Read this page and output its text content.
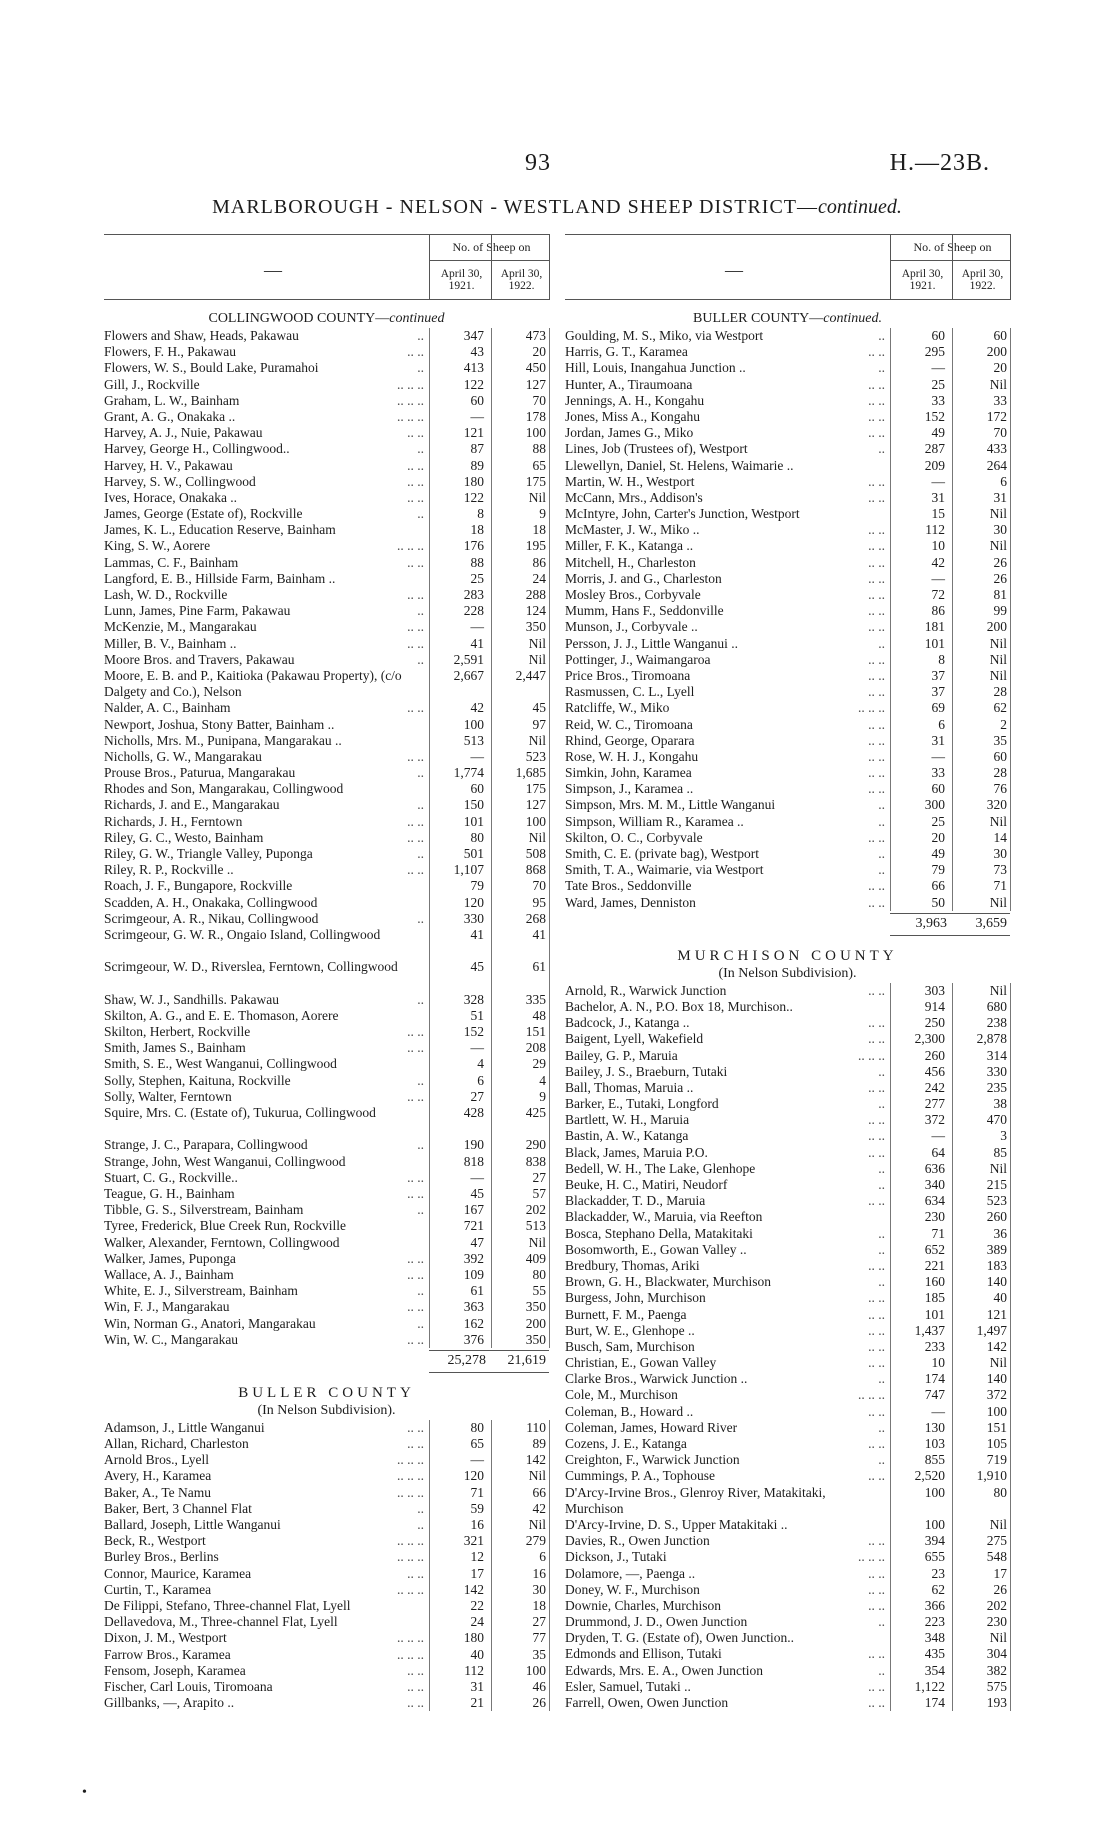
93	H.—23B.
MARLBOROUGH - NELSON - WESTLAND SHEEP DISTRICT—continued.
—
No. of Sheep on
April 30,
1921.
April 30,
1922.
COLLINGWOOD COUNTY—continued
Flowers and Shaw, Heads, Pakawau	..	347	473
Flowers, F. H., Pakawau	.. ..	43	20
Flowers, W. S., Bould Lake, Puramahoi	..	413	450
Gill, J., Rockville	.. .. ..	122	127
Graham, L. W., Bainham	.. .. ..	60	70
Grant, A. G., Onakaka ..	.. .. ..	—	178
Harvey, A. J., Nuie, Pakawau	.. ..	121	100
Harvey, George H., Collingwood..	..	87	88
Harvey, H. V., Pakawau	.. ..	89	65
Harvey, S. W., Collingwood	.. ..	180	175
Ives, Horace, Onakaka ..	.. ..	122	Nil
James, George (Estate of), Rockville	..	8	9
James, K. L., Education Reserve, Bainham	18	18
King, S. W., Aorere	.. .. ..	176	195
Lammas, C. F., Bainham	.. ..	88	86
Langford, E. B., Hillside Farm, Bainham ..	25	24
Lash, W. D., Rockville	.. ..	283	288
Lunn, James, Pine Farm, Pakawau	..	228	124
McKenzie, M., Mangarakau	.. ..	—	350
Miller, B. V., Bainham ..	.. ..	41	Nil
Moore Bros. and Travers, Pakawau	..	2,591	Nil
Moore, E. B. and P., Kaitioka (Pakawau Property), (c/o Dalgety and Co.), Nelson
2,667	2,447
Nalder, A. C., Bainham	.. ..	42	45
Newport, Joshua, Stony Batter, Bainham ..	100	97
Nicholls, Mrs. M., Punipana, Mangarakau ..	513	Nil
Nicholls, G. W., Mangarakau	.. ..	—	523
Prouse Bros., Paturua, Mangarakau	..	1,774	1,685
Rhodes and Son, Mangarakau, Collingwood	60	175
Richards, J. and E., Mangarakau	..	150	127
Richards, J. H., Ferntown	.. ..	101	100
Riley, G. C., Westo, Bainham	.. ..	80	Nil
Riley, G. W., Triangle Valley, Puponga	..	501	508
Riley, R. P., Rockville ..	.. ..	1,107	868
Roach, J. F., Bungapore, Rockville	79	70
Scadden, A. H., Onakaka, Collingwood	120	95
Scrimgeour, A. R., Nikau, Collingwood	..	330	268
Scrimgeour, G. W. R., Ongaio Island, Collingwood	41	41
Scrimgeour, W. D., Riverslea, Ferntown, Collingwood	45	61
Shaw, W. J., Sandhills. Pakawau	..	328	335
Skilton, A. G., and E. E. Thomason, Aorere	51	48
Skilton, Herbert, Rockville	.. ..	152	151
Smith, James S., Bainham	.. ..	—	208
Smith, S. E., West Wanganui, Collingwood	4	29
Solly, Stephen, Kaituna, Rockville	..	6	4
Solly, Walter, Ferntown	.. ..	27	9
Squire, Mrs. C. (Estate of), Tukurua, Collingwood	428	425
Strange, J. C., Parapara, Collingwood	..	190	290
Strange, John, West Wanganui, Collingwood	818	838
Stuart, C. G., Rockville..	.. ..	—	27
Teague, G. H., Bainham	.. ..	45	57
Tibble, G. S., Silverstream, Bainham	..	167	202
Tyree, Frederick, Blue Creek Run, Rockville	721	513
Walker, Alexander, Ferntown, Collingwood	47	Nil
Walker, James, Puponga	.. ..	392	409
Wallace, A. J., Bainham	.. ..	109	80
White, E. J., Silverstream, Bainham	..	61	55
Win, F. J., Mangarakau	.. ..	363	350
Win, Norman G., Anatori, Mangarakau	..	162	200
Win, W. C., Mangarakau	.. ..	376	350
25,278	21,619
BULLER COUNTY
(In Nelson Subdivision).
Adamson, J., Little Wanganui	.. ..	80	110
Allan, Richard, Charleston	.. ..	65	89
Arnold Bros., Lyell	.. .. ..	—	142
Avery, H., Karamea	.. .. ..	120	Nil
Baker, A., Te Namu	.. .. ..	71	66
Baker, Bert, 3 Channel Flat	..	59	42
Ballard, Joseph, Little Wanganui	..	16	Nil
Beck, R., Westport	.. .. ..	321	279
Burley Bros., Berlins	.. .. ..	12	6
Connor, Maurice, Karamea	.. ..	17	16
Curtin, T., Karamea	.. .. ..	142	30
De Filippi, Stefano, Three-channel Flat, Lyell	22	18
Dellavedova, M., Three-channel Flat, Lyell	24	27
Dixon, J. M., Westport	.. .. ..	180	77
Farrow Bros., Karamea	.. .. ..	40	35
Fensom, Joseph, Karamea	.. ..	112	100
Fischer, Carl Louis, Tiromoana	.. ..	31	46
Gillbanks, —, Arapito ..	.. ..	21	26
—
No. of Sheep on
April 30,
1921.
April 30,
1922.
BULLER COUNTY—continued.
Goulding, M. S., Miko, via Westport	..	60	60
Harris, G. T., Karamea	.. ..	295	200
Hill, Louis, Inangahua Junction ..	..	—	20
Hunter, A., Tiraumoana	.. ..	25	Nil
Jennings, A. H., Kongahu	.. ..	33	33
Jones, Miss A., Kongahu	.. ..	152	172
Jordan, James G., Miko	.. ..	49	70
Lines, Job (Trustees of), Westport	..	287	433
Llewellyn, Daniel, St. Helens, Waimarie ..	209	264
Martin, W. H., Westport	.. ..	—	6
McCann, Mrs., Addison's	.. ..	31	31
McIntyre, John, Carter's Junction, Westport	15	Nil
McMaster, J. W., Miko ..	.. ..	112	30
Miller, F. K., Katanga ..	.. ..	10	Nil
Mitchell, H., Charleston	.. ..	42	26
Morris, J. and G., Charleston	.. ..	—	26
Mosley Bros., Corbyvale	.. ..	72	81
Mumm, Hans F., Seddonville	.. ..	86	99
Munson, J., Corbyvale ..	.. ..	181	200
Persson, J. J., Little Wanganui ..	..	101	Nil
Pottinger, J., Waimangaroa	.. ..	8	Nil
Price Bros., Tiromoana	.. ..	37	Nil
Rasmussen, C. L., Lyell	.. ..	37	28
Ratcliffe, W., Miko	.. .. ..	69	62
Reid, W. C., Tiromoana	.. ..	6	2
Rhind, George, Oparara	.. ..	31	35
Rose, W. H. J., Kongahu	.. ..	—	60
Simkin, John, Karamea	.. ..	33	28
Simpson, J., Karamea ..	.. ..	60	76
Simpson, Mrs. M. M., Little Wanganui	..	300	320
Simpson, William R., Karamea ..	..	25	Nil
Skilton, O. C., Corbyvale	.. ..	20	14
Smith, C. E. (private bag), Westport	..	49	30
Smith, T. A., Waimarie, via Westport	..	79	73
Tate Bros., Seddonville	.. ..	66	71
Ward, James, Denniston	.. ..	50	Nil
3,963	3,659
MURCHISON COUNTY
(In Nelson Subdivision).
Arnold, R., Warwick Junction	.. ..	303	Nil
Bachelor, A. N., P.O. Box 18, Murchison..	914	680
Badcock, J., Katanga ..	.. ..	250	238
Baigent, Lyell, Wakefield	.. ..	2,300	2,878
Bailey, G. P., Maruia	.. .. ..	260	314
Bailey, J. S., Braeburn, Tutaki	..	456	330
Ball, Thomas, Maruia ..	.. ..	242	235
Barker, E., Tutaki, Longford	..	277	38
Bartlett, W. H., Maruia	.. ..	372	470
Bastin, A. W., Katanga	.. ..	—	3
Black, James, Maruia P.O.	.. ..	64	85
Bedell, W. H., The Lake, Glenhope	..	636	Nil
Beuke, H. C., Matiri, Neudorf	..	340	215
Blackadder, T. D., Maruia	.. ..	634	523
Blackadder, W., Maruia, via Reefton	230	260
Bosca, Stephano Della, Matakitaki	..	71	36
Bosomworth, E., Gowan Valley ..	..	652	389
Bredbury, Thomas, Ariki	.. ..	221	183
Brown, G. H., Blackwater, Murchison	..	160	140
Burgess, John, Murchison	.. ..	185	40
Burnett, F. M., Paenga	.. ..	101	121
Burt, W. E., Glenhope ..	.. ..	1,437	1,497
Busch, Sam, Murchison	.. ..	233	142
Christian, E., Gowan Valley	.. ..	10	Nil
Clarke Bros., Warwick Junction ..	..	174	140
Cole, M., Murchison	.. .. ..	747	372
Coleman, B., Howard ..	.. ..	—	100
Coleman, James, Howard River	..	130	151
Cozens, J. E., Katanga	.. ..	103	105
Creighton, F., Warwick Junction	..	855	719
Cummings, P. A., Tophouse	.. ..	2,520	1,910
D'Arcy-Irvine Bros., Glenroy River, Matakitaki, Murchison
100	80
D'Arcy-Irvine, D. S., Upper Matakitaki ..	100	Nil
Davies, R., Owen Junction	.. ..	394	275
Dickson, J., Tutaki	.. .. ..	655	548
Dolamore, —, Paenga ..	.. ..	23	17
Doney, W. F., Murchison	.. ..	62	26
Downie, Charles, Murchison	.. ..	366	202
Drummond, J. D., Owen Junction	..	223	230
Dryden, T. G. (Estate of), Owen Junction..	348	Nil
Edmonds and Ellison, Tutaki	.. ..	435	304
Edwards, Mrs. E. A., Owen Junction	..	354	382
Esler, Samuel, Tutaki ..	.. ..	1,122	575
Farrell, Owen, Owen Junction	.. ..	174	193
•
